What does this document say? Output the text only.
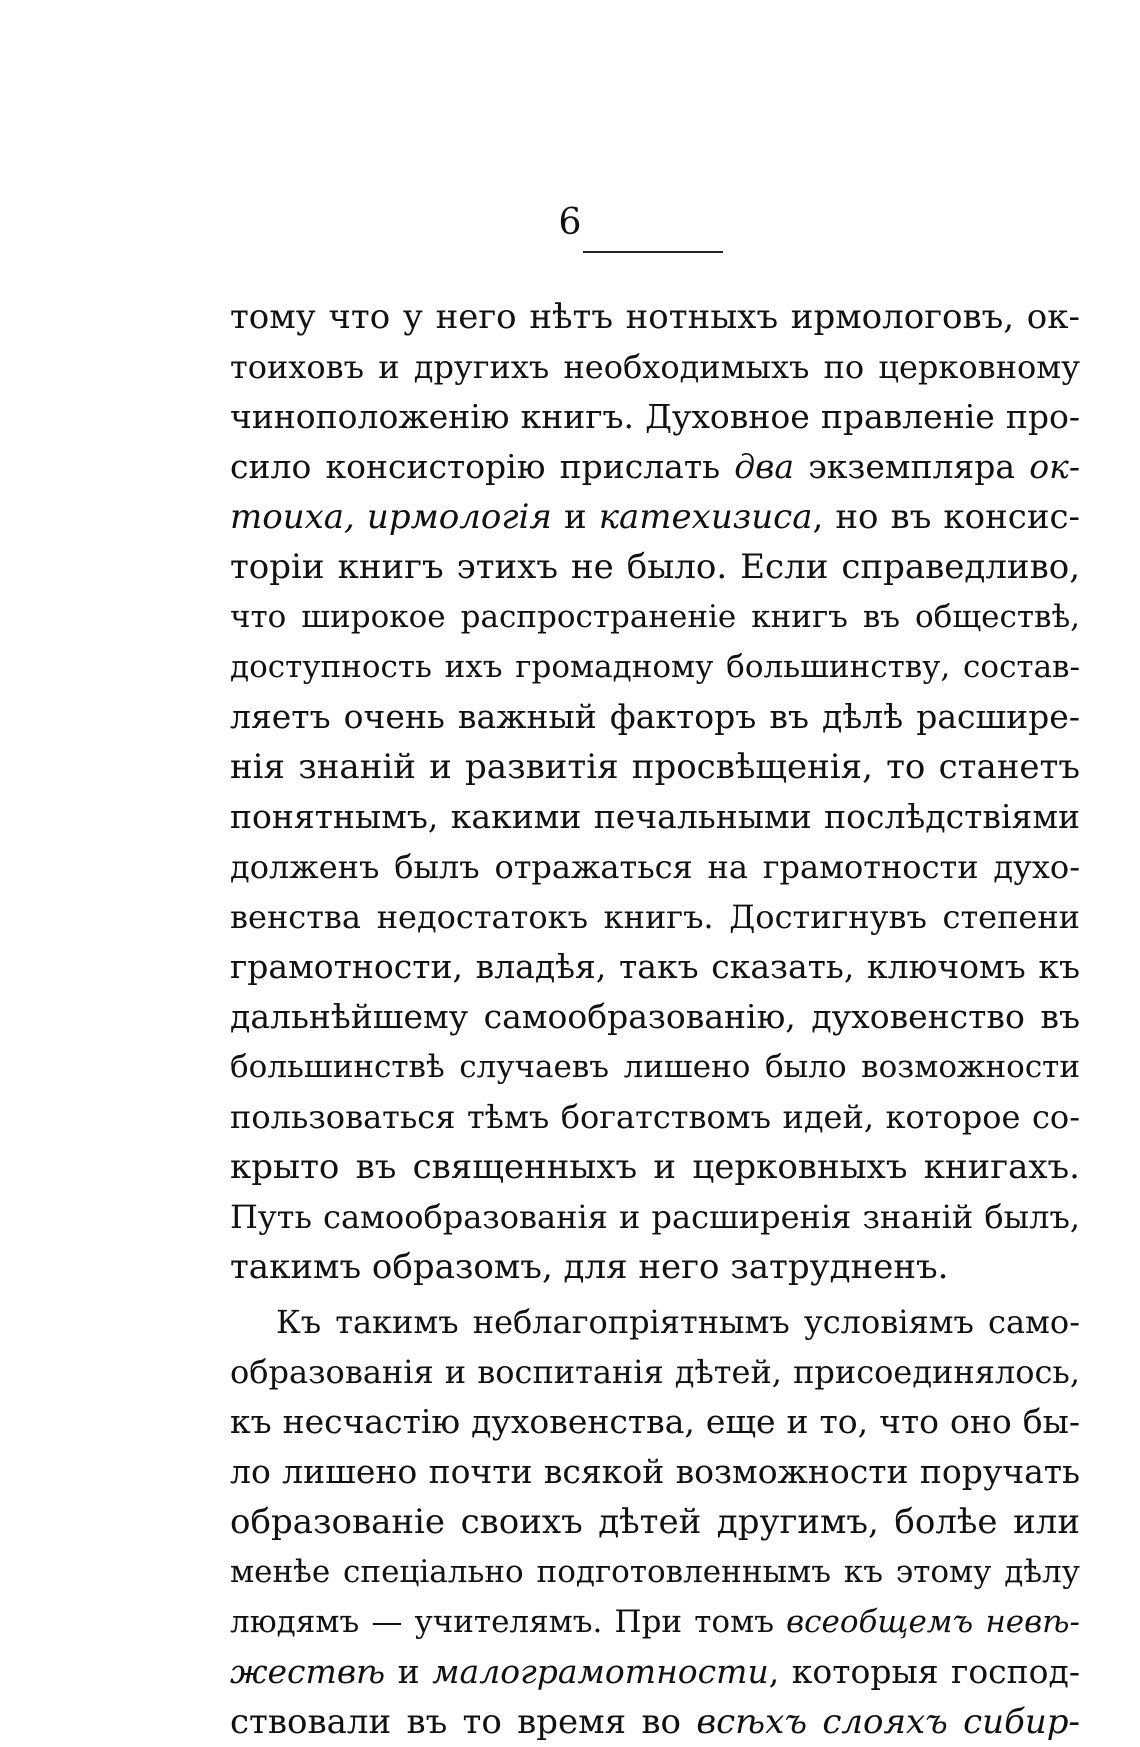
6
тому что у него нѣтъ нотныхъ ирмологовъ, ок-
тоиховъ и другихъ необходимыхъ по церковному
чиноположенію книгъ. Духовное правленіе про-
сило консисторію прислать два экземпляра ок-
тоиха, ирмологія и катехизиса, но въ консис-
торіи книгъ этихъ не было. Если справедливо,
что широкое распространеніе книгъ въ обществѣ,
доступность ихъ громадному большинству, состав-
ляетъ очень важный факторъ въ дѣлѣ расшире-
нія знаній и развитія просвѣщенія, то станетъ
понятнымъ, какими печальными послѣдствіями
долженъ былъ отражаться на грамотности духо-
венства недостатокъ книгъ. Достигнувъ степени
грамотности, владѣя, такъ сказать, ключомъ къ
дальнѣйшему самообразованію, духовенство въ
большинствѣ случаевъ лишено было возможности
пользоваться тѣмъ богатствомъ идей, которое со-
крыто въ священныхъ и церковныхъ книгахъ.
Путь самообразованія и расширенія знаній былъ,
такимъ образомъ, для него затрудненъ.
Къ такимъ неблагопріятнымъ условіямъ само-
образованія и воспитанія дѣтей, присоединялось,
къ несчастію духовенства, еще и то, что оно бы-
ло лишено почти всякой возможности поручать
образованіе своихъ дѣтей другимъ, болѣе или
менѣе спеціально подготовленнымъ къ этому дѣлу
людямъ — учителямъ. При томъ всеобщемъ невѣ-
жествѣ и малограмотности, которыя господ-
ствовали въ то время во всѣхъ слояхъ сибир-
